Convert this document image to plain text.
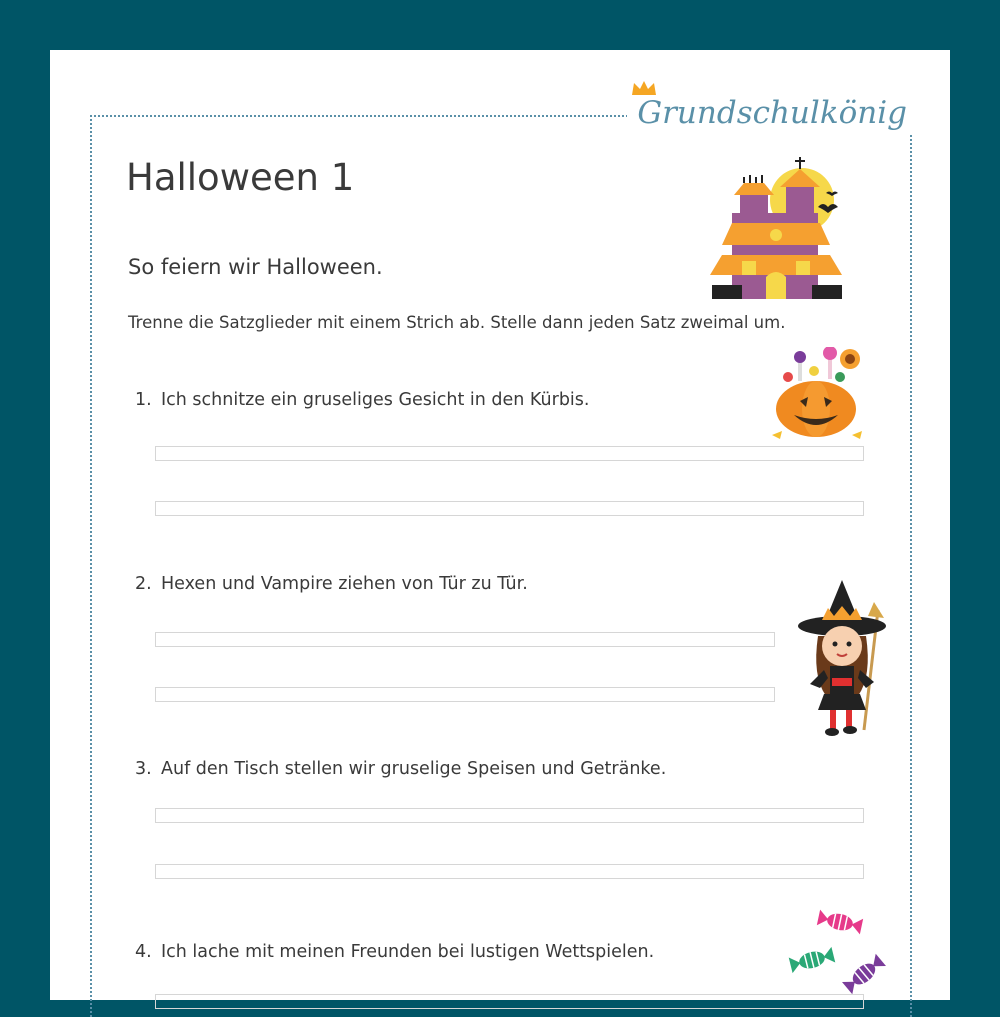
Grundschulkönig
Halloween 1
So feiern wir Halloween.
Trenne die Satzglieder mit einem Strich ab. Stelle dann jeden Satz zweimal um.
1. Ich schnitze ein gruseliges Gesicht in den Kürbis.
2. Hexen und Vampire ziehen von Tür zu Tür.
3. Auf den Tisch stellen wir gruselige Speisen und Getränke.
4. Ich lache mit meinen Freunden bei lustigen Wettspielen.
